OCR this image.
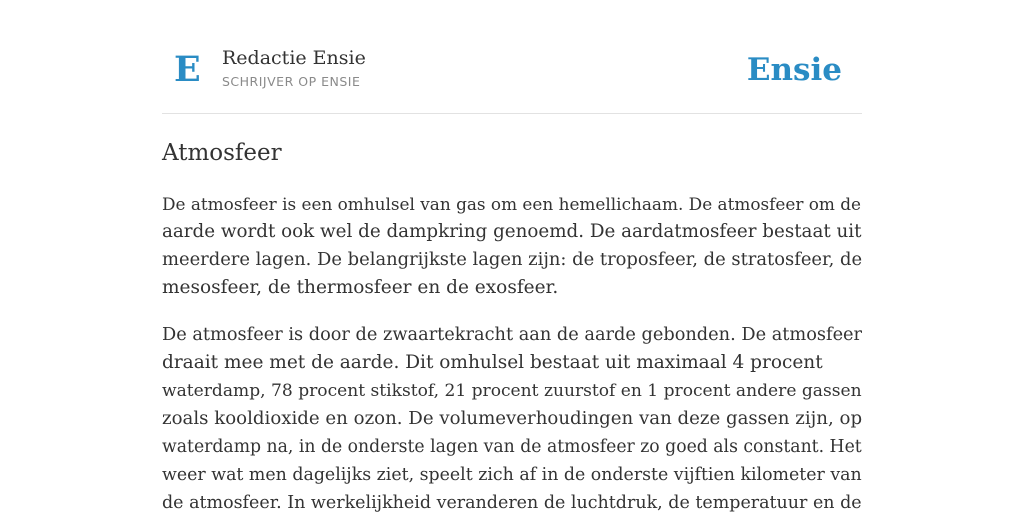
E Redactie Ensie
SCHRIJVER OP ENSIE	Ensie
Atmosfeer

De atmosfeer is een omhulsel van gas om een hemellichaam. De atmosfeer om de
aarde wordt ook wel de dampkring genoemd. De aardatmosfeer bestaat uit
meerdere lagen. De belangrijkste lagen zijn: de troposfeer, de stratosfeer, de
mesosfeer, de thermosfeer en de exosfeer.

De atmosfeer is door de zwaartekracht aan de aarde gebonden. De atmosfeer
draait mee met de aarde. Dit omhulsel bestaat uit maximaal 4 procent
waterdamp, 78 procent stikstof, 21 procent zuurstof en 1 procent andere gassen
zoals kooldioxide en ozon. De volumeverhoudingen van deze gassen zijn, op
waterdamp na, in de onderste lagen van de atmosfeer zo goed als constant. Het
weer wat men dagelijks ziet, speelt zich af in de onderste vijftien kilometer van
de atmosfeer. In werkelijkheid veranderen de luchtdruk, de temperatuur en de
